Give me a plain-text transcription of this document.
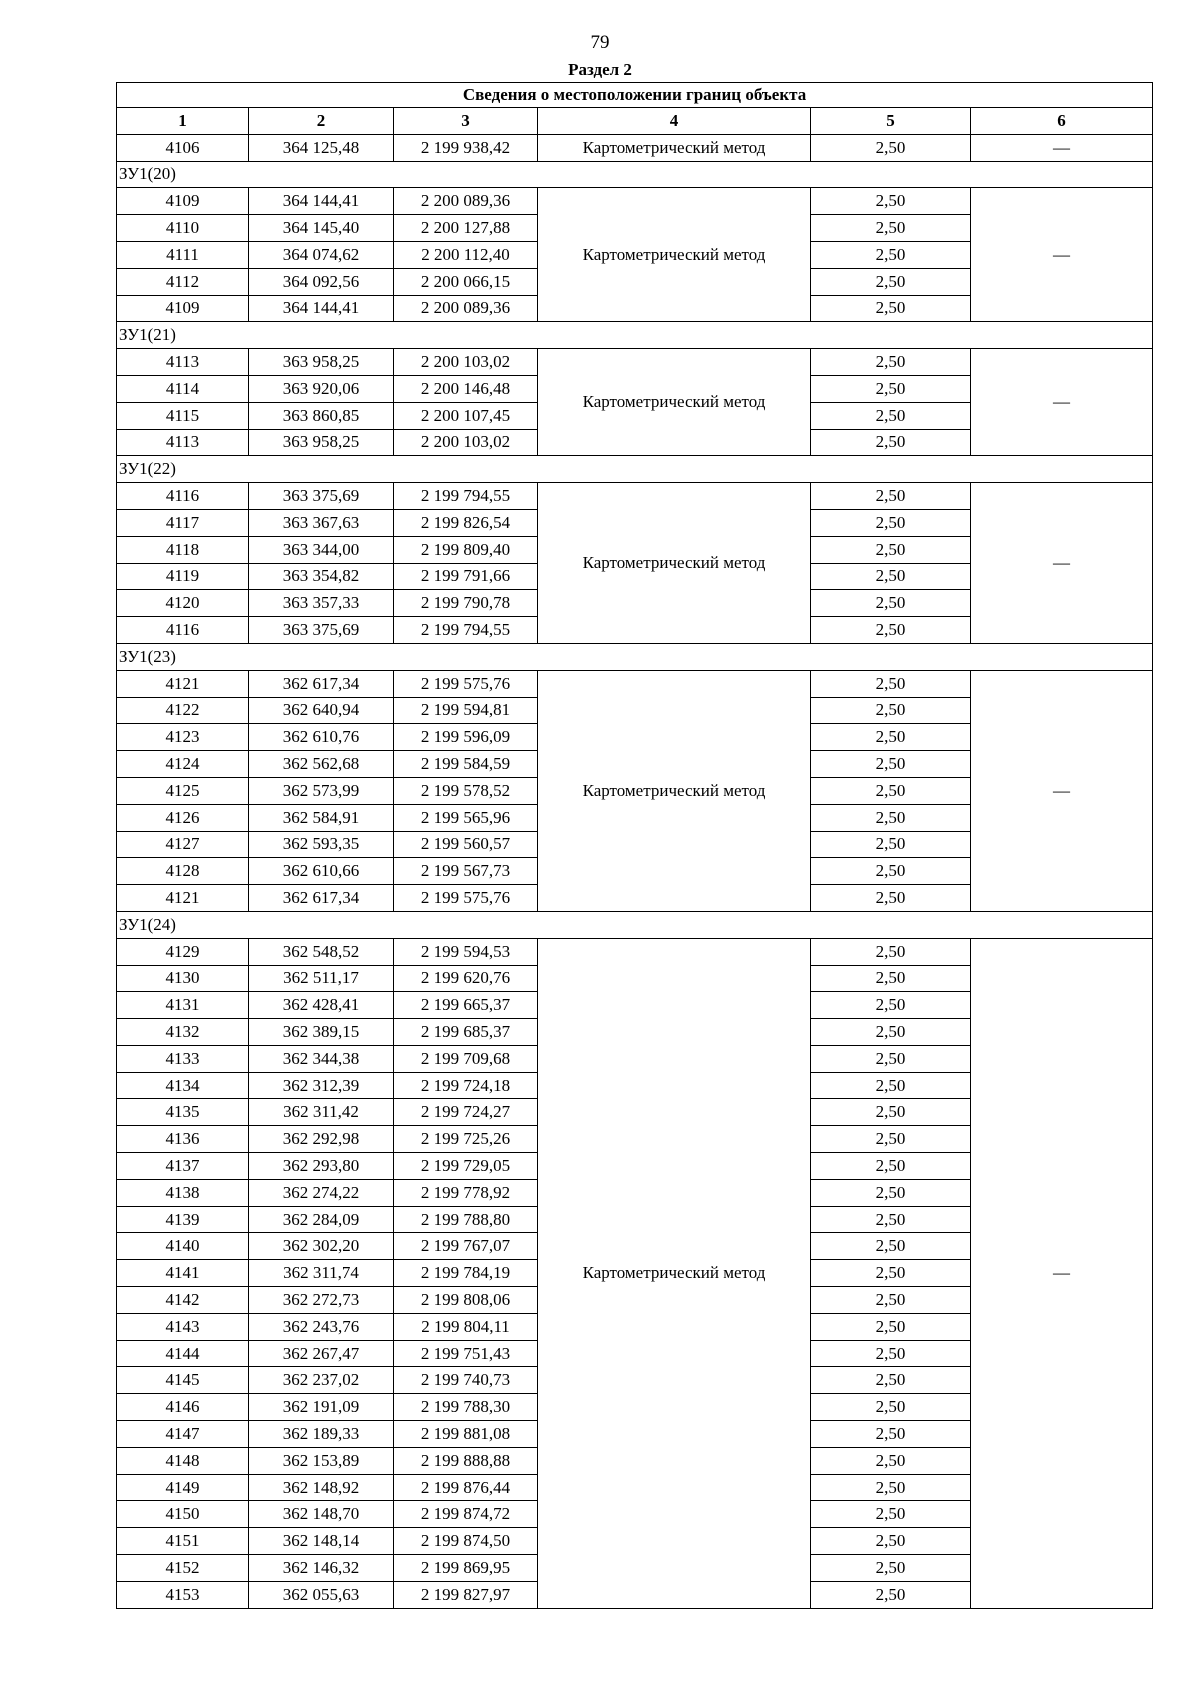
79
Раздел 2
Сведения о местоположении границ объекта					
1	2	3	4	5	6
4106	364 125,48	2 199 938,42	Картометрический метод	2,50	—
ЗУ1(20)					
4109	364 144,41	2 200 089,36	Картометрический метод	2,50	—
4110	364 145,40	2 200 127,88		2,50	
4111	364 074,62	2 200 112,40		2,50	
4112	364 092,56	2 200 066,15		2,50	
4109	364 144,41	2 200 089,36		2,50	
ЗУ1(21)					
4113	363 958,25	2 200 103,02	Картометрический метод	2,50	—
4114	363 920,06	2 200 146,48		2,50	
4115	363 860,85	2 200 107,45		2,50	
4113	363 958,25	2 200 103,02		2,50	
ЗУ1(22)					
4116	363 375,69	2 199 794,55	Картометрический метод	2,50	—
4117	363 367,63	2 199 826,54		2,50	
4118	363 344,00	2 199 809,40		2,50	
4119	363 354,82	2 199 791,66		2,50	
4120	363 357,33	2 199 790,78		2,50	
4116	363 375,69	2 199 794,55		2,50	
ЗУ1(23)					
4121	362 617,34	2 199 575,76	Картометрический метод	2,50	—
4122	362 640,94	2 199 594,81		2,50	
4123	362 610,76	2 199 596,09		2,50	
4124	362 562,68	2 199 584,59		2,50	
4125	362 573,99	2 199 578,52		2,50	
4126	362 584,91	2 199 565,96		2,50	
4127	362 593,35	2 199 560,57		2,50	
4128	362 610,66	2 199 567,73		2,50	
4121	362 617,34	2 199 575,76		2,50	
ЗУ1(24)					
4129	362 548,52	2 199 594,53	Картометрический метод	2,50	—
4130	362 511,17	2 199 620,76		2,50	
4131	362 428,41	2 199 665,37		2,50	
4132	362 389,15	2 199 685,37		2,50	
4133	362 344,38	2 199 709,68		2,50	
4134	362 312,39	2 199 724,18		2,50	
4135	362 311,42	2 199 724,27		2,50	
4136	362 292,98	2 199 725,26		2,50	
4137	362 293,80	2 199 729,05		2,50	
4138	362 274,22	2 199 778,92		2,50	
4139	362 284,09	2 199 788,80		2,50	
4140	362 302,20	2 199 767,07		2,50	
4141	362 311,74	2 199 784,19		2,50	
4142	362 272,73	2 199 808,06		2,50	
4143	362 243,76	2 199 804,11		2,50	
4144	362 267,47	2 199 751,43		2,50	
4145	362 237,02	2 199 740,73		2,50	
4146	362 191,09	2 199 788,30		2,50	
4147	362 189,33	2 199 881,08		2,50	
4148	362 153,89	2 199 888,88		2,50	
4149	362 148,92	2 199 876,44		2,50	
4150	362 148,70	2 199 874,72		2,50	
4151	362 148,14	2 199 874,50		2,50	
4152	362 146,32	2 199 869,95		2,50	
4153	362 055,63	2 199 827,97		2,50	
